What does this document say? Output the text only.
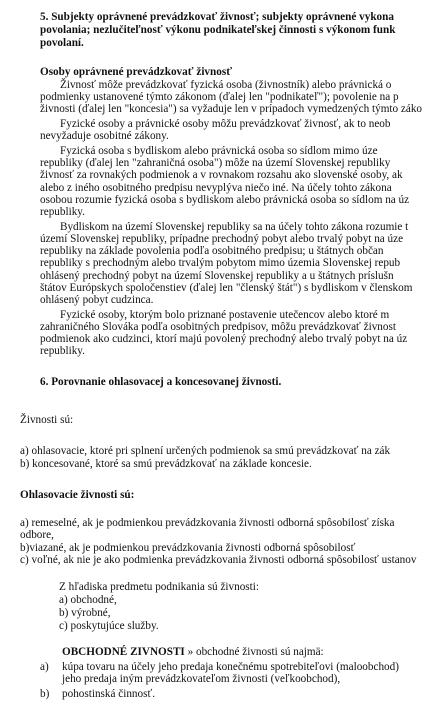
5. Subjekty oprávnené prevádzkovať živnosť; subjekty oprávnené vykona
povolania; nezlučiteľnosť výkonu podnikateľskej činnosti s výkonom funk
povolaní.
Osoby oprávnené prevádzkovať živnosť
Živnosť môže prevádzkovať fyzická osoba (živnostník) alebo právnická o
podmienky ustanovené týmto zákonom (ďalej len "podnikateľ"); povolenie na p
živnosti (ďalej len "koncesia") sa vyžaduje len v prípadoch vymedzených týmto záko
Fyzické osoby a právnické osoby môžu prevádzkovať živnosť, ak to neob
nevyžaduje osobitné zákony.
Fyzická osoba s bydliskom alebo právnická osoba so sídlom mimo úze
republiky (ďalej len "zahraničná osoba") môže na území Slovenskej republiky
živnosť za rovnakých podmienok a v rovnakom rozsahu ako slovenské osoby, ak
alebo z iného osobitného predpisu nevyplýva niečo iné. Na účely tohto zákona
osobou rozumie fyzická osoba s bydliskom alebo právnická osoba so sídlom na úz
republiky.
Bydliskom na území Slovenskej republiky sa na účely tohto zákona rozumie t
území Slovenskej republiky, prípadne prechodný pobyt alebo trvalý pobyt na úze
republiky na základe povolenia podľa osobitného predpisu; u štátnych občan
republiky s prechodným alebo trvalým pobytom mimo územia Slovenskej repub
ohlásený prechodný pobyt na území Slovenskej republiky a u štátnych príslušn
štátov Európskych spoločenstiev (ďalej len "členský štát") s bydliskom v členskom
ohlásený pobyt cudzinca.
Fyzické osoby, ktorým bolo priznané postavenie utečencov alebo ktoré m
zahraničného Slováka podľa osobitných predpisov, môžu prevádzkovať živnost
podmienok ako cudzinci, ktorí majú povolený prechodný alebo trvalý pobyt na úz
republiky.
6. Porovnanie ohlasovacej a koncesovanej živnosti.
Živnosti sú:
a) ohlasovacie, ktoré pri splnení určených podmienok sa smú prevádzkovať na zák
b) koncesované, ktoré sa smú prevádzkovať na základe koncesie.
Ohlasovacie živnosti sú:
a) remeselné, ak je podmienkou prevádzkovania živnosti odborná spôsobilosť získa
odbore,
b)viazané, ak je podmienkou prevádzkovania živnosti odborná spôsobilosť
c) voľné, ak nie je ako podmienka prevádzkovania živnosti odborná spôsobilosť ustanov
Z hľadiska predmetu podnikania sú živnosti:
a) obchodné,
b) výrobné,
c) poskytujúce služby.
OBCHODNÉ ZIVNOSTI » obchodné živnosti sú najmä:
a) kúpa tovaru na účely jeho predaja konečnému spotrebiteľovi (maloobchod)
jeho predaja iným prevádzkovateľom živnosti (veľkoobchod),
b) pohostinská činnosť.
